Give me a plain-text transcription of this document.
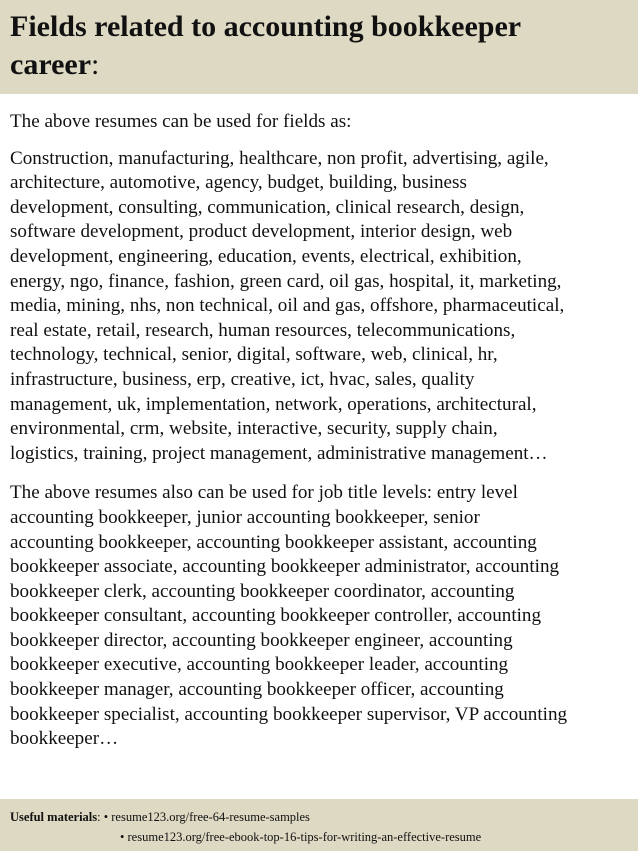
Fields related to accounting bookkeeper
career:

The above resumes can be used for fields as:

Construction, manufacturing, healthcare, non profit, advertising, agile,
architecture, automotive, agency, budget, building, business
development, consulting, communication, clinical research, design,
software development, product development, interior design, web
development, engineering, education, events, electrical, exhibition,
energy, ngo, finance, fashion, green card, oil gas, hospital, it, marketing,
media, mining, nhs, non technical, oil and gas, offshore, pharmaceutical,
real estate, retail, research, human resources, telecommunications,
technology, technical, senior, digital, software, web, clinical, hr,
infrastructure, business, erp, creative, ict, hvac, sales, quality
management, uk, implementation, network, operations, architectural,
environmental, crm, website, interactive, security, supply chain,
logistics, training, project management, administrative management…

The above resumes also can be used for job title levels: entry level
accounting bookkeeper, junior accounting bookkeeper, senior
accounting bookkeeper, accounting bookkeeper assistant, accounting
bookkeeper associate, accounting bookkeeper administrator, accounting
bookkeeper clerk, accounting bookkeeper coordinator, accounting
bookkeeper consultant, accounting bookkeeper controller, accounting
bookkeeper director, accounting bookkeeper engineer, accounting
bookkeeper executive, accounting bookkeeper leader, accounting
bookkeeper manager, accounting bookkeeper officer, accounting
bookkeeper specialist, accounting bookkeeper supervisor, VP accounting
bookkeeper…

Useful materials: • resume123.org/free-64-resume-samples
• resume123.org/free-ebook-top-16-tips-for-writing-an-effective-resume
